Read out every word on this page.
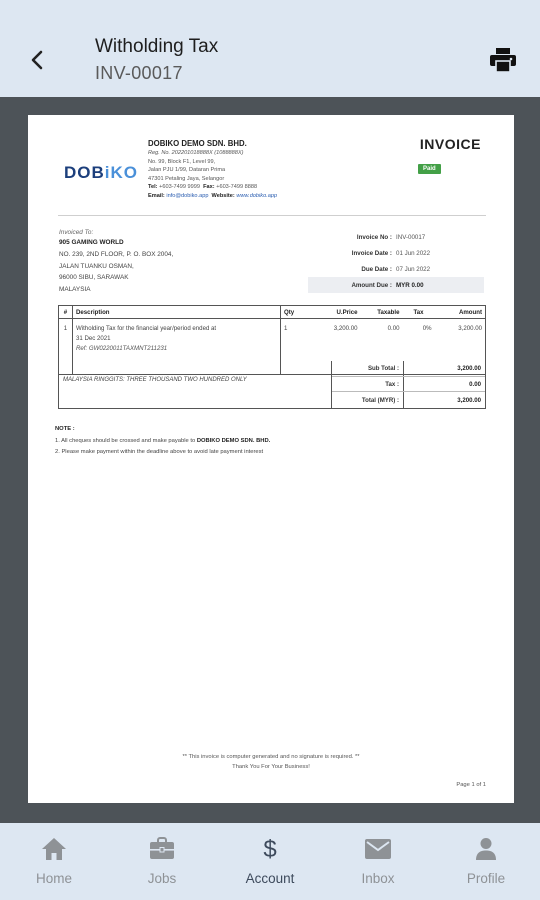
Witholding Tax
INV-00017
DOBiKO
DOBIKO DEMO SDN. BHD.
Reg. No. 202201018888X (1088888X)
No. 99, Block F1, Level 99,
Jalan PJU 1/99, Dataran Prima
47301 Petaling Jaya, Selangor
Tel: +603-7499 9999 Fax: +603-7499 8888
Email: info@dobiko.app Website: www.dobiko.app
INVOICE
Paid
Invoiced To:
905 GAMING WORLD
NO. 239, 2ND FLOOR, P. O. BOX 2004,
JALAN TUANKU OSMAN,
96000 SIBU, SARAWAK
MALAYSIA
Invoice No : INV-00017
Invoice Date : 01 Jun 2022
Due Date : 07 Jun 2022
Amount Due : MYR 0.00
#	Description	Qty	U.Price	Taxable	Tax	Amount
1	Witholding Tax for the financial year/period ended at
31 Dec 2021
Ref: GW0220011TAXMNT211231	1	3,200.00	0.00	0%	3,200.00
MALAYSIA RINGGITS: THREE THOUSAND TWO HUNDRED ONLY
Sub Total :	3,200.00
Tax :	0.00
Total (MYR) :	3,200.00
NOTE :
1. All cheques should be crossed and make payable to DOBIKO DEMO SDN. BHD.
2. Please make payment within the deadline above to avoid late payment interest
** This invoice is computer generated and no signature is required. **
Thank You For Your Business!
Page 1 of 1
Home	Jobs
$
Account	Inbox	Profile
